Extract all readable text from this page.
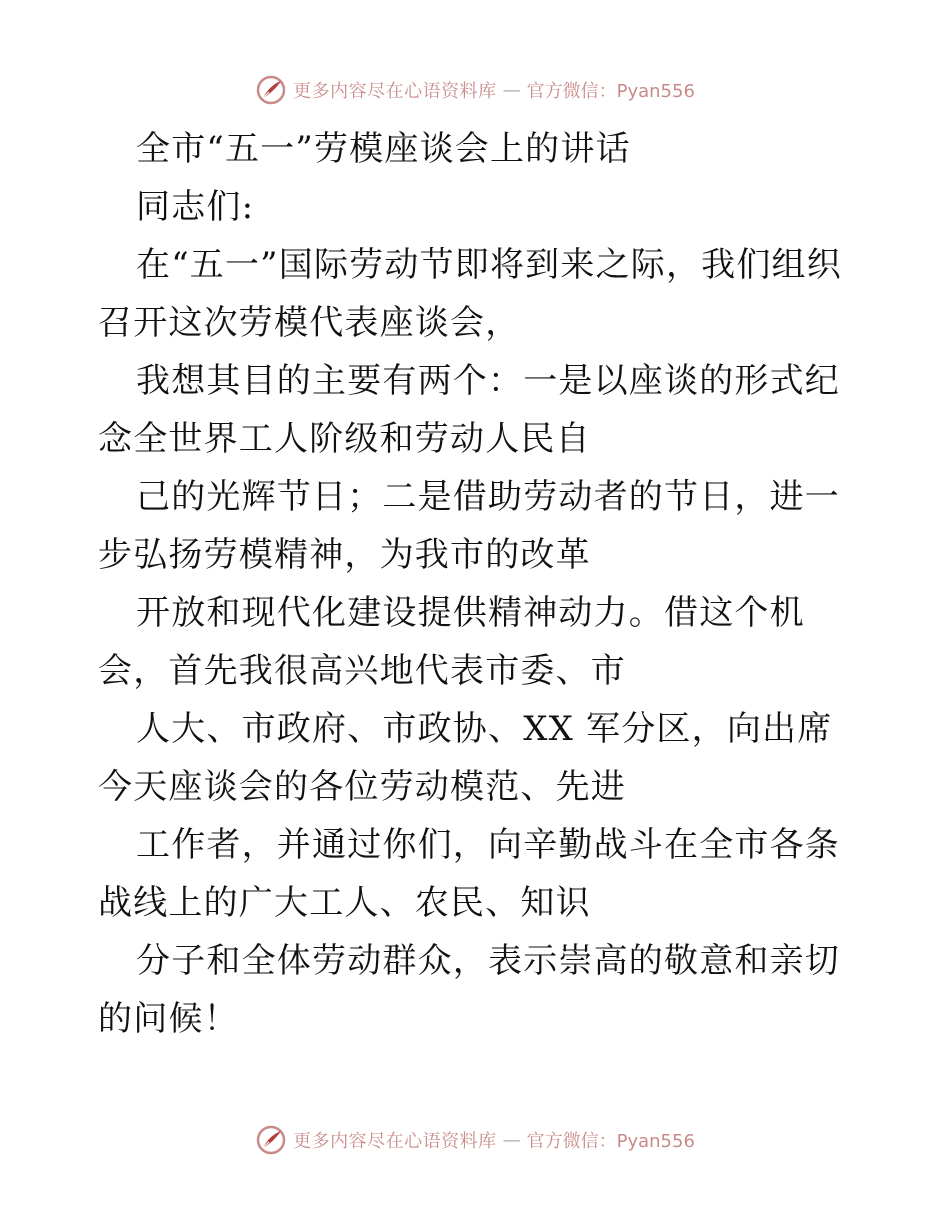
更多内容尽在心语资料库 — 官方微信：Pyan556

全市“五一”劳模座谈会上的讲话

同志们:

在“五一”国际劳动节即将到来之际，我们组织召开这次劳模代表座谈会，

我想其目的主要有两个：一是以座谈的形式纪念全世界工人阶级和劳动人民自

己的光辉节日；二是借助劳动者的节日，进一步弘扬劳模精神，为我市的改革

开放和现代化建设提供精神动力。借这个机会，首先我很高兴地代表市委、市

人大、市政府、市政协、XX 军分区，向出席今天座谈会的各位劳动模范、先进

工作者，并通过你们，向辛勤战斗在全市各条战线上的广大工人、农民、知识

分子和全体劳动群众，表示崇高的敬意和亲切的问候！

更多内容尽在心语资料库 — 官方微信：Pyan556
